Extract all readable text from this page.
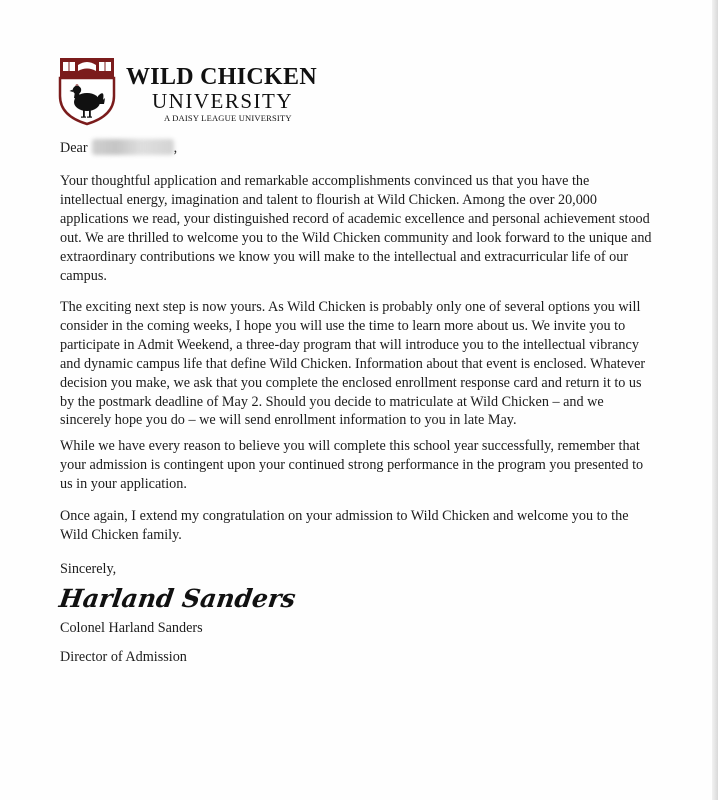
WILD CHICKEN
UNIVERSITY
A DAISY LEAGUE UNIVERSITY
Dear	,

Your thoughtful application and remarkable accomplishments convinced us that you have the
intellectual energy, imagination and talent to flourish at Wild Chicken. Among the over 20,000
applications we read, your distinguished record of academic excellence and personal achievement stood
out. We are thrilled to welcome you to the Wild Chicken community and look forward to the unique and
extraordinary contributions we know you will make to the intellectual and extracurricular life of our
campus.

The exciting next step is now yours. As Wild Chicken is probably only one of several options you will
consider in the coming weeks, I hope you will use the time to learn more about us. We invite you to
participate in Admit Weekend, a three-day program that will introduce you to the intellectual vibrancy
and dynamic campus life that define Wild Chicken. Information about that event is enclosed. Whatever
decision you make, we ask that you complete the enclosed enrollment response card and return it to us
by the postmark deadline of May 2. Should you decide to matriculate at Wild Chicken – and we
sincerely hope you do – we will send enrollment information to you in late May.

While we have every reason to believe you will complete this school year successfully, remember that
your admission is contingent upon your continued strong performance in the program you presented to
us in your application.

Once again, I extend my congratulation on your admission to Wild Chicken and welcome you to the
Wild Chicken family.

Sincerely,
Harland Sanders
Colonel Harland Sanders
Director of Admission
